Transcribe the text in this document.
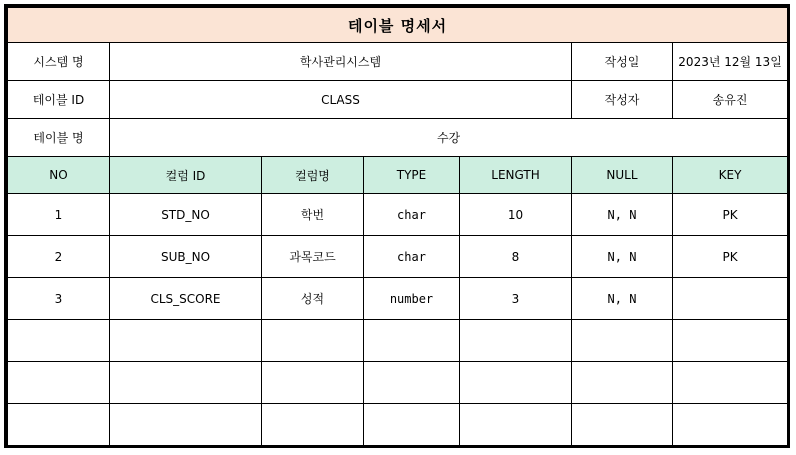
테이블 명세서						
시스템 명	학사관리시스템				작성일	2023년 12월 13일
테이블 ID	CLASS				작성자	송유진
테이블 명	수강					
NO	컬럼 ID	컬럼명	TYPE	LENGTH	NULL	KEY
1	STD_NO	학번	char	10	N, N	PK
2	SUB_NO	과목코드	char	8	N, N	PK
3	CLS_SCORE	성적	number	3	N, N	
